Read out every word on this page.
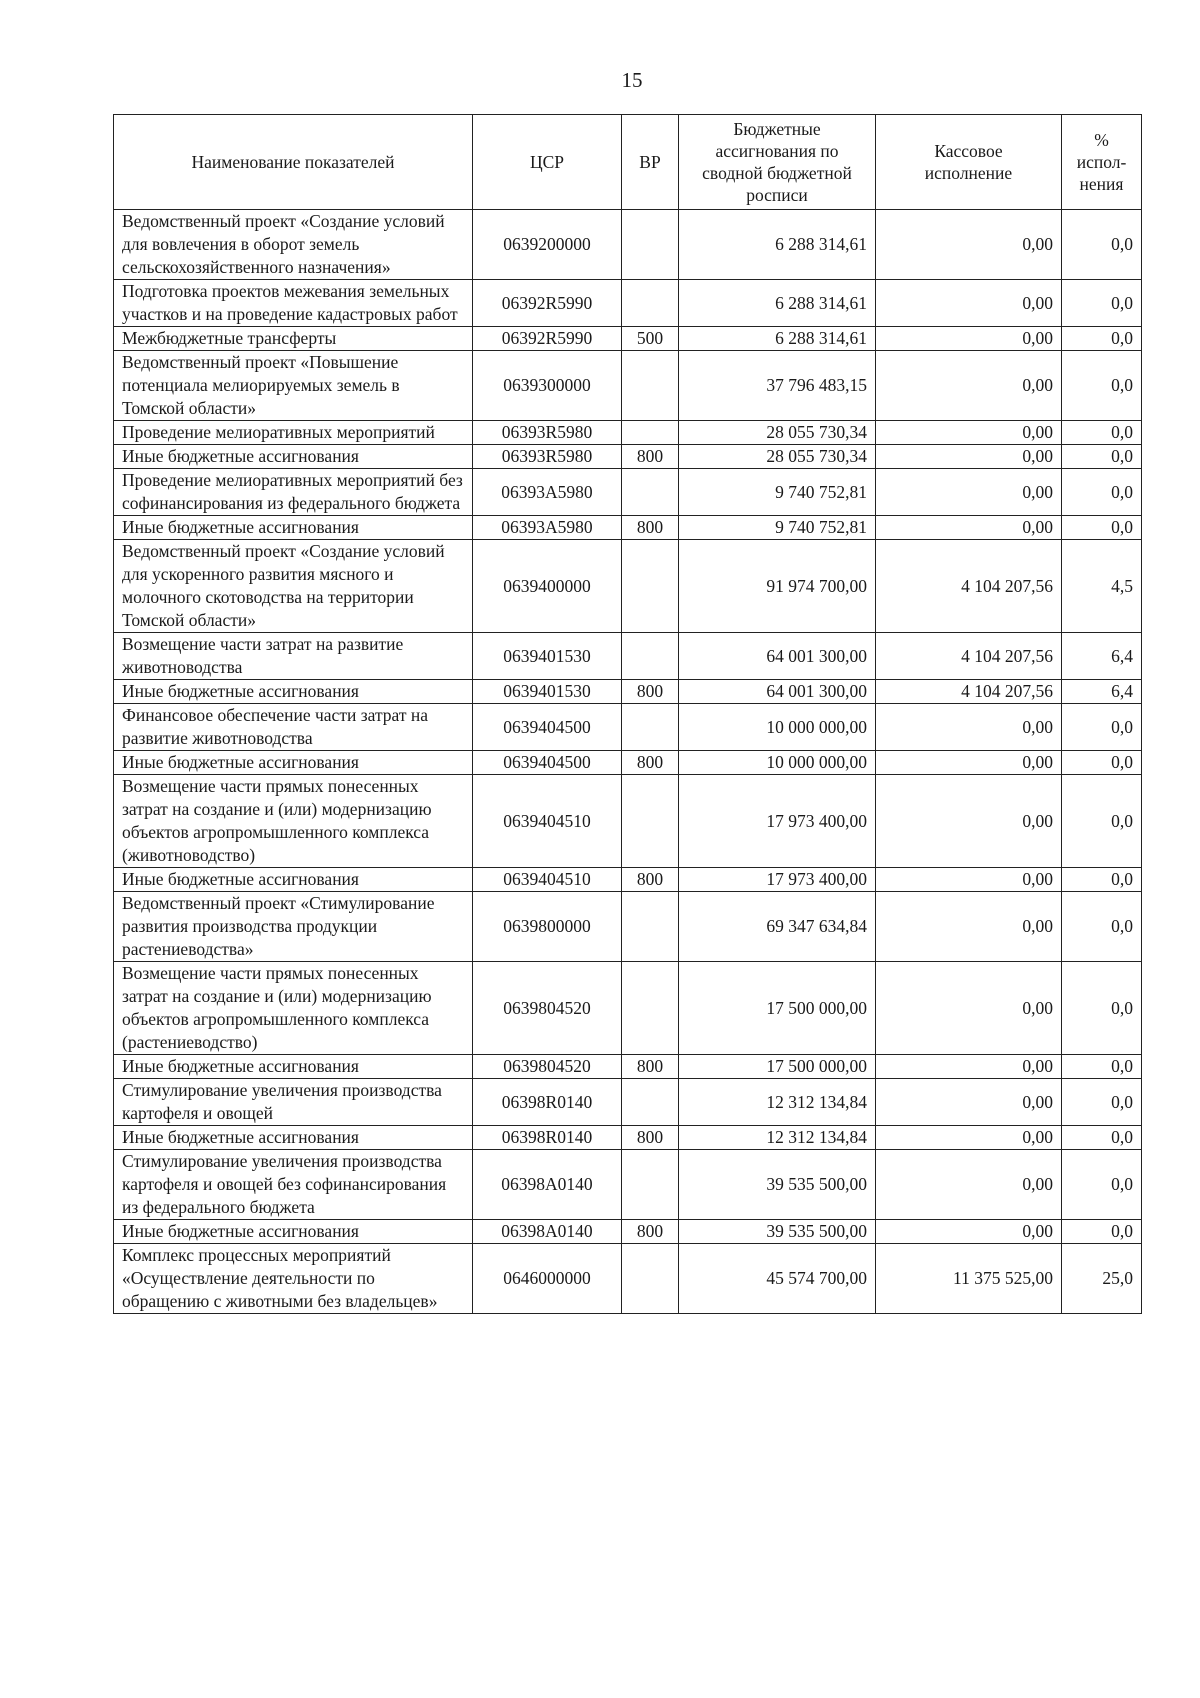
15
Наименование показателей	ЦСР	ВР	Бюджетные ассигнования по сводной бюджетной росписи	Кассовое исполнение	% испол-нения
Ведомственный проект «Создание условий для вовлечения в оборот земель сельскохозяйственного назначения»	0639200000		6 288 314,61	0,00	0,0
Подготовка проектов межевания земельных участков и на проведение кадастровых работ	06392R5990		6 288 314,61	0,00	0,0
Межбюджетные трансферты	06392R5990	500	6 288 314,61	0,00	0,0
Ведомственный проект «Повышение потенциала мелиорируемых земель в Томской области»	0639300000		37 796 483,15	0,00	0,0
Проведение мелиоративных мероприятий	06393R5980		28 055 730,34	0,00	0,0
Иные бюджетные ассигнования	06393R5980	800	28 055 730,34	0,00	0,0
Проведение мелиоративных мероприятий без софинансирования из федерального бюджета	06393A5980		9 740 752,81	0,00	0,0
Иные бюджетные ассигнования	06393A5980	800	9 740 752,81	0,00	0,0
Ведомственный проект «Создание условий для ускоренного развития мясного и молочного скотоводства на территории Томской области»	0639400000		91 974 700,00	4 104 207,56	4,5
Возмещение части затрат на развитие животноводства	0639401530		64 001 300,00	4 104 207,56	6,4
Иные бюджетные ассигнования	0639401530	800	64 001 300,00	4 104 207,56	6,4
Финансовое обеспечение части затрат на развитие животноводства	0639404500		10 000 000,00	0,00	0,0
Иные бюджетные ассигнования	0639404500	800	10 000 000,00	0,00	0,0
Возмещение части прямых понесенных затрат на создание и (или) модернизацию объектов агропромышленного комплекса (животноводство)	0639404510		17 973 400,00	0,00	0,0
Иные бюджетные ассигнования	0639404510	800	17 973 400,00	0,00	0,0
Ведомственный проект «Стимулирование развития производства продукции растениеводства»	0639800000		69 347 634,84	0,00	0,0
Возмещение части прямых понесенных затрат на создание и (или) модернизацию объектов агропромышленного комплекса (растениеводство)	0639804520		17 500 000,00	0,00	0,0
Иные бюджетные ассигнования	0639804520	800	17 500 000,00	0,00	0,0
Стимулирование увеличения производства картофеля и овощей	06398R0140		12 312 134,84	0,00	0,0
Иные бюджетные ассигнования	06398R0140	800	12 312 134,84	0,00	0,0
Стимулирование увеличения производства картофеля и овощей без софинансирования из федерального бюджета	06398A0140		39 535 500,00	0,00	0,0
Иные бюджетные ассигнования	06398A0140	800	39 535 500,00	0,00	0,0
Комплекс процессных мероприятий «Осуществление деятельности по обращению с животными без владельцев»	0646000000		45 574 700,00	11 375 525,00	25,0
